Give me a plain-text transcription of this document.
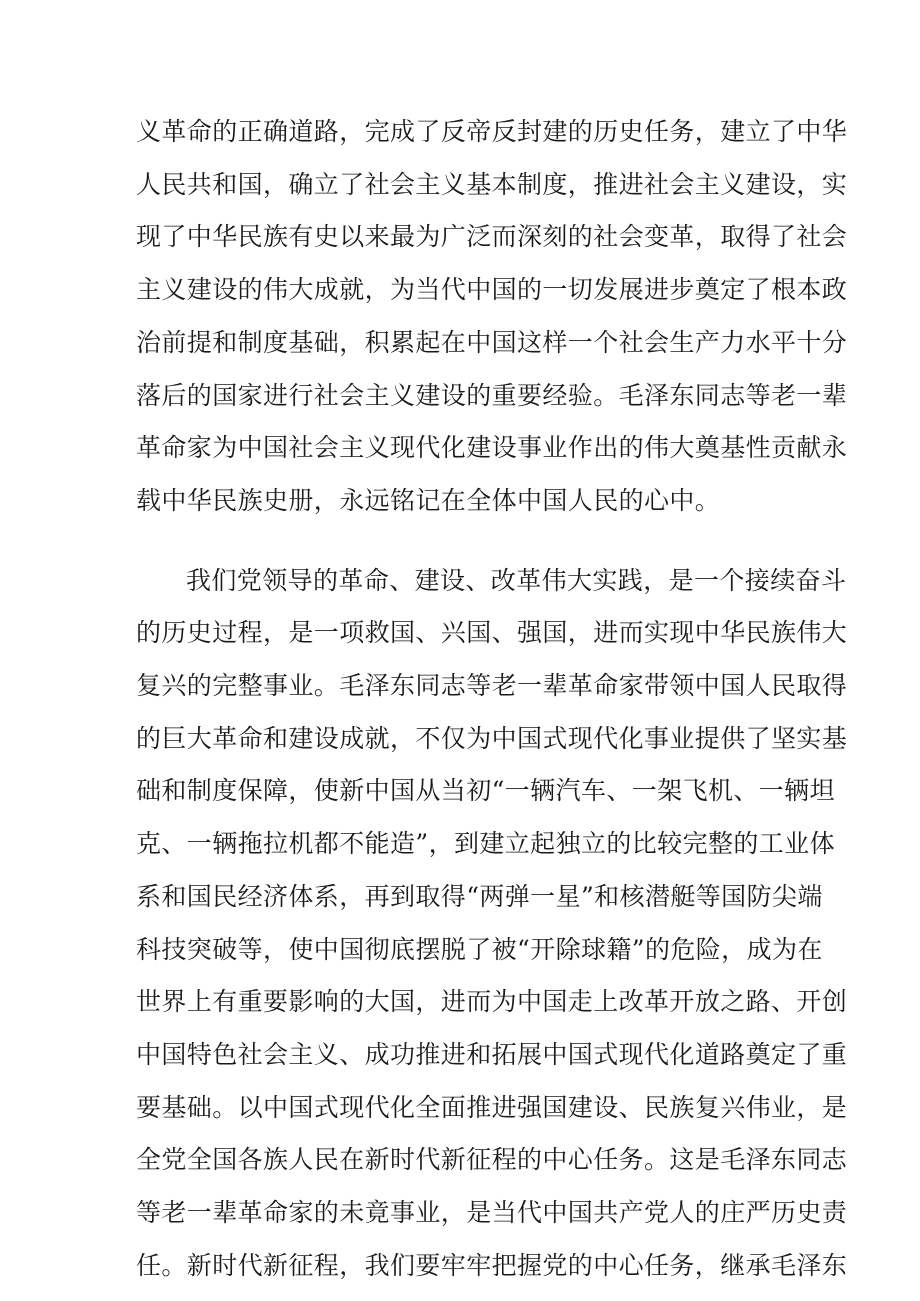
义革命的正确道路，完成了反帝反封建的历史任务，建立了中华
人民共和国，确立了社会主义基本制度，推进社会主义建设，实
现了中华民族有史以来最为广泛而深刻的社会变革，取得了社会
主义建设的伟大成就，为当代中国的一切发展进步奠定了根本政
治前提和制度基础，积累起在中国这样一个社会生产力水平十分
落后的国家进行社会主义建设的重要经验。毛泽东同志等老一辈
革命家为中国社会主义现代化建设事业作出的伟大奠基性贡献永
载中华民族史册，永远铭记在全体中国人民的心中。
我们党领导的革命、建设、改革伟大实践，是一个接续奋斗
的历史过程，是一项救国、兴国、强国，进而实现中华民族伟大
复兴的完整事业。毛泽东同志等老一辈革命家带领中国人民取得
的巨大革命和建设成就，不仅为中国式现代化事业提供了坚实基
础和制度保障，使新中国从当初“一辆汽车、一架飞机、一辆坦
克、一辆拖拉机都不能造”，到建立起独立的比较完整的工业体
系和国民经济体系，再到取得“两弹一星”和核潜艇等国防尖端
科技突破等，使中国彻底摆脱了被“开除球籍”的危险，成为在
世界上有重要影响的大国，进而为中国走上改革开放之路、开创
中国特色社会主义、成功推进和拓展中国式现代化道路奠定了重
要基础。以中国式现代化全面推进强国建设、民族复兴伟业，是
全党全国各族人民在新时代新征程的中心任务。这是毛泽东同志
等老一辈革命家的未竟事业，是当代中国共产党人的庄严历史责
任。新时代新征程，我们要牢牢把握党的中心任务，继承毛泽东
